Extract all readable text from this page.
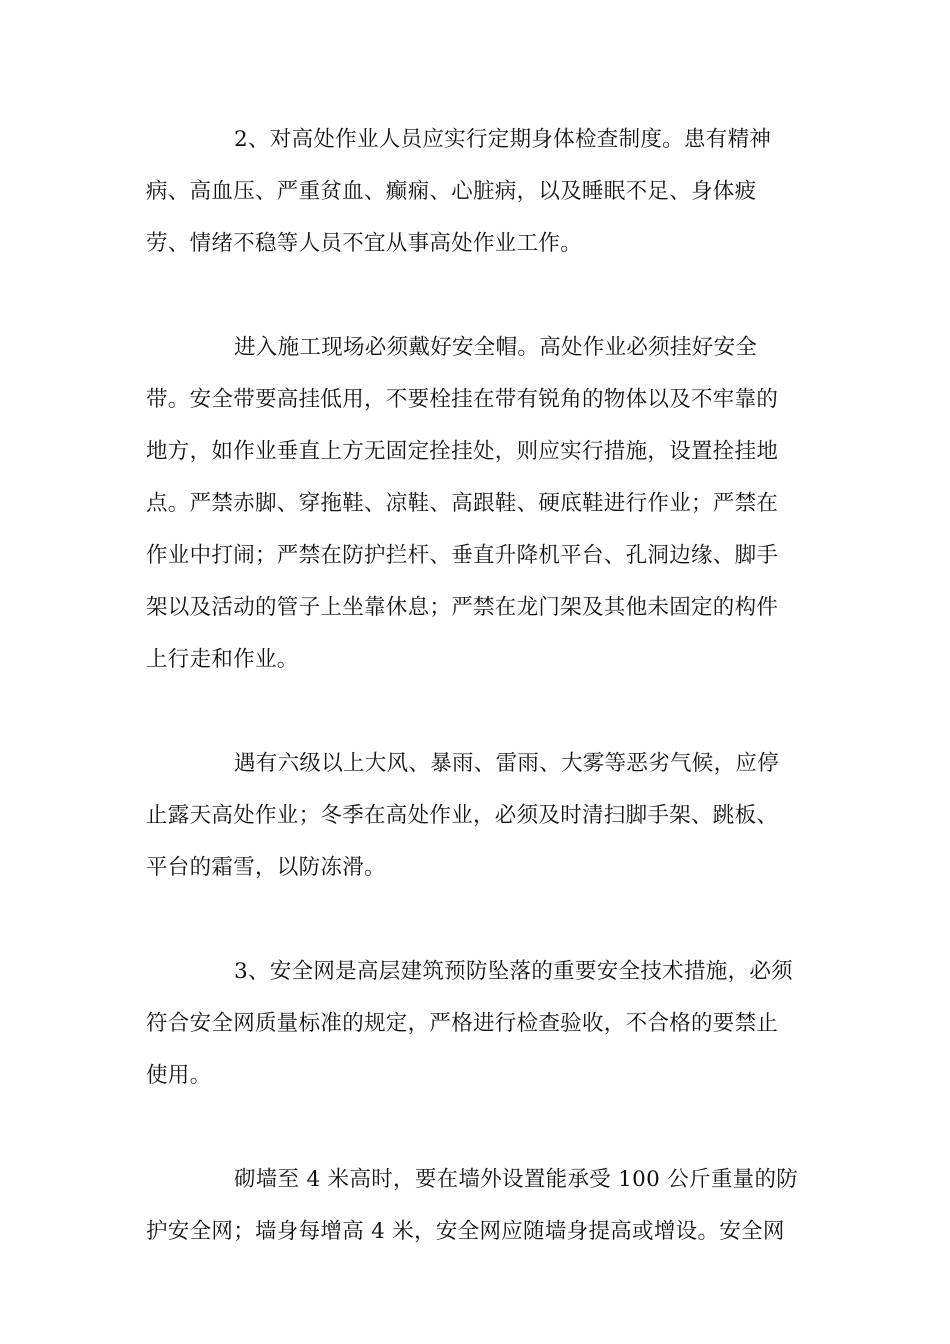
2、对高处作业人员应实行定期身体检查制度。患有精神
病、高血压、严重贫血、癫痫、心脏病，以及睡眠不足、身体疲
劳、情绪不稳等人员不宜从事高处作业工作。

进入施工现场必须戴好安全帽。高处作业必须挂好安全
带。安全带要高挂低用，不要栓挂在带有锐角的物体以及不牢靠的
地方，如作业垂直上方无固定拴挂处，则应实行措施，设置拴挂地
点。严禁赤脚、穿拖鞋、凉鞋、高跟鞋、硬底鞋进行作业；严禁在
作业中打闹；严禁在防护拦杆、垂直升降机平台、孔洞边缘、脚手
架以及活动的管子上坐靠休息；严禁在龙门架及其他未固定的构件
上行走和作业。

遇有六级以上大风、暴雨、雷雨、大雾等恶劣气候，应停
止露天高处作业；冬季在高处作业，必须及时清扫脚手架、跳板、
平台的霜雪，以防冻滑。

3、安全网是高层建筑预防坠落的重要安全技术措施，必须
符合安全网质量标准的规定，严格进行检查验收，不合格的要禁止
使用。

砌墙至 4 米高时，要在墙外设置能承受 100 公斤重量的防
护安全网；墙身每增高 4 米，安全网应随墙身提高或增设。安全网
